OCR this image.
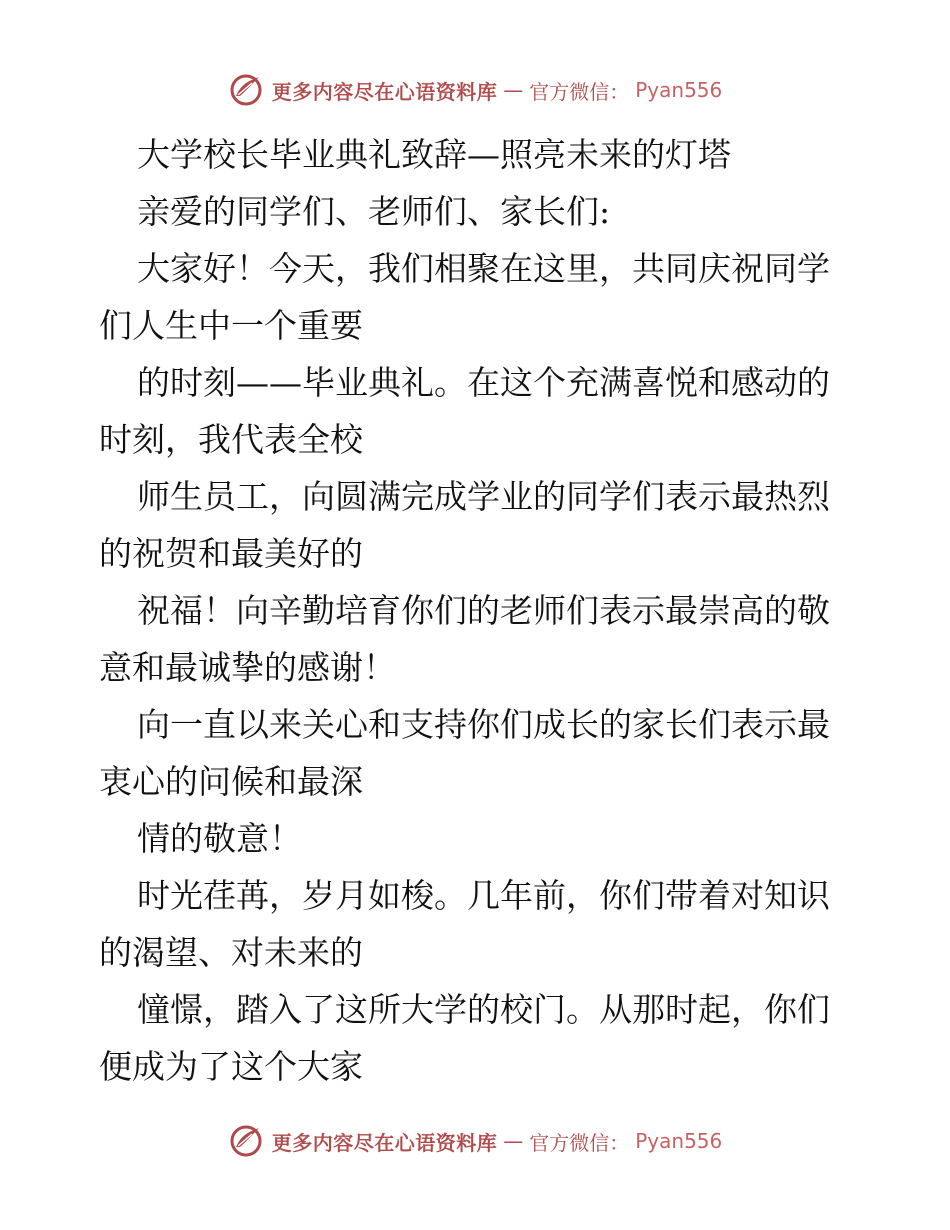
更多内容尽在心语资料库 — 官方微信： Pyan556
大学校长毕业典礼致辞—照亮未来的灯塔
亲爱的同学们、老师们、家长们:
大家好！今天，我们相聚在这里，共同庆祝同学
们人生中一个重要
的时刻——毕业典礼。在这个充满喜悦和感动的
时刻，我代表全校
师生员工，向圆满完成学业的同学们表示最热烈
的祝贺和最美好的
祝福！向辛勤培育你们的老师们表示最崇高的敬
意和最诚挚的感谢！
向一直以来关心和支持你们成长的家长们表示最
衷心的问候和最深
情的敬意！
时光荏苒，岁月如梭。几年前，你们带着对知识
的渴望、对未来的
憧憬，踏入了这所大学的校门。从那时起，你们
便成为了这个大家
更多内容尽在心语资料库 — 官方微信： Pyan556
